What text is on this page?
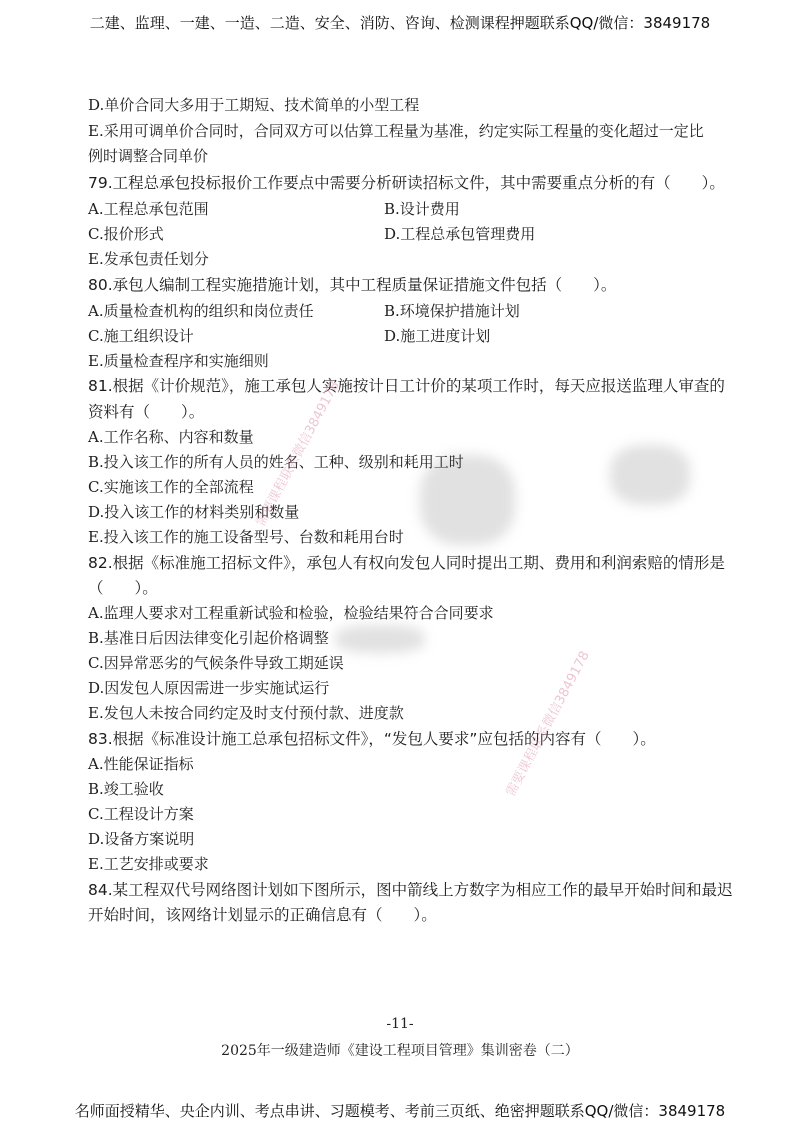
二建、监理、一建、一造、二造、安全、消防、咨询、检测课程押题联系QQ/微信：3849178
D.单价合同大多用于工期短、技术简单的小型工程
E.采用可调单价合同时，合同双方可以估算工程量为基准，约定实际工程量的变化超过一定比
例时调整合同单价
79.工程总承包投标报价工作要点中需要分析研读招标文件，其中需要重点分析的有（　　）。
A.工程总承包范围	B.设计费用
C.报价形式	D.工程总承包管理费用
E.发承包责任划分
80.承包人编制工程实施措施计划，其中工程质量保证措施文件包括（　　）。
A.质量检查机构的组织和岗位责任	B.环境保护措施计划
C.施工组织设计	D.施工进度计划
E.质量检查程序和实施细则
81.根据《计价规范》，施工承包人实施按计日工计价的某项工作时，每天应报送监理人审查的
资料有（　　）。
A.工作名称、内容和数量
B.投入该工作的所有人员的姓名、工种、级别和耗用工时
C.实施该工作的全部流程
D.投入该工作的材料类别和数量
E.投入该工作的施工设备型号、台数和耗用台时
82.根据《标准施工招标文件》，承包人有权向发包人同时提出工期、费用和利润索赔的情形是
（　　）。
A.监理人要求对工程重新试验和检验，检验结果符合合同要求
B.基准日后因法律变化引起价格调整
C.因异常恶劣的气候条件导致工期延误
D.因发包人原因需进一步实施试运行
E.发包人未按合同约定及时支付预付款、进度款
83.根据《标准设计施工总承包招标文件》，“发包人要求”应包括的内容有（　　）。
A.性能保证指标
B.竣工验收
C.工程设计方案
D.设备方案说明
E.工艺安排或要求
84.某工程双代号网络图计划如下图所示，图中箭线上方数字为相应工作的最早开始时间和最迟
开始时间，该网络计划显示的正确信息有（　　）。
需要课程联系微信3849178
需要课程联系微信3849178
-11-
2025年一级建造师《建设工程项目管理》集训密卷（二）
名师面授精华、央企内训、考点串讲、习题模考、考前三页纸、绝密押题联系QQ/微信：3849178
